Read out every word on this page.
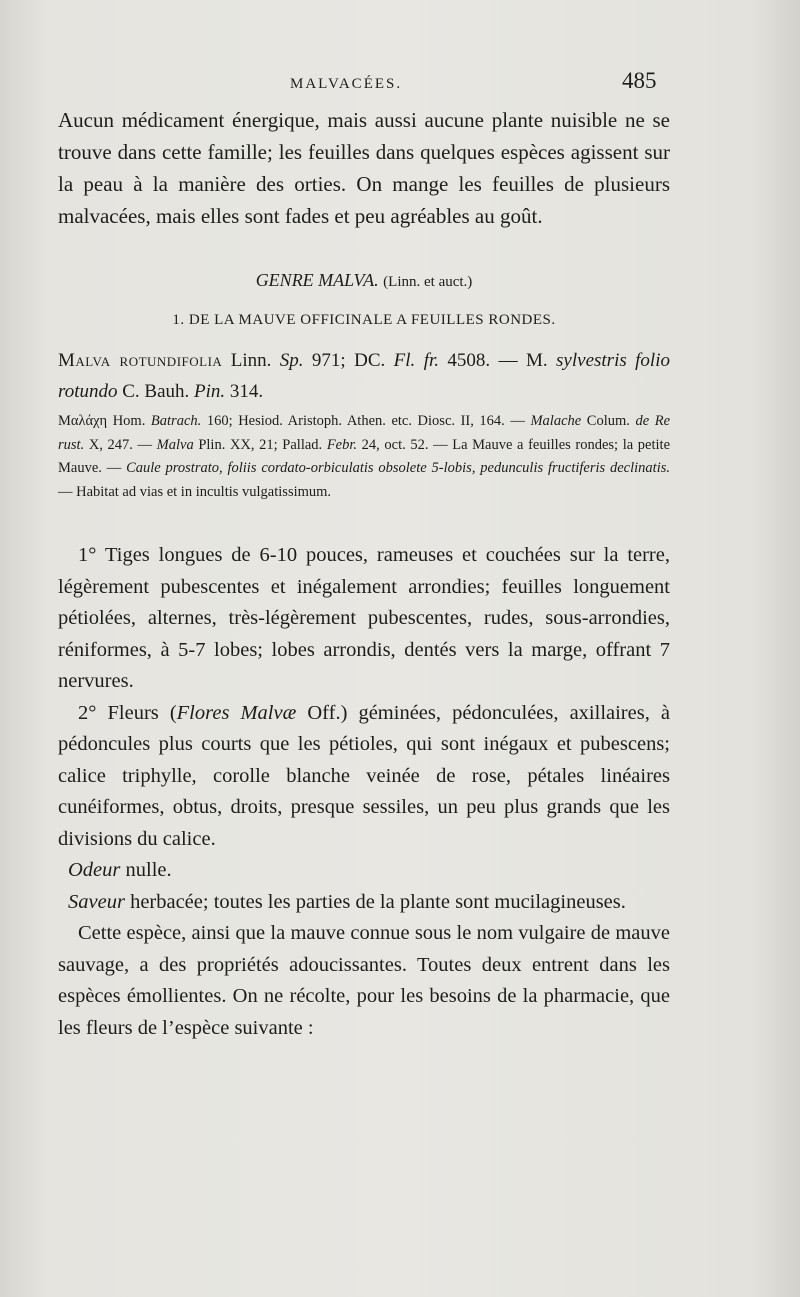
MALVACÉES.	485
Aucun médicament énergique, mais aussi aucune plante nuisible ne se trouve dans cette famille; les feuilles dans quelques espèces agissent sur la peau à la manière des orties. On mange les feuilles de plusieurs malvacées, mais elles sont fades et peu agréables au goût.
GENRE MALVA. (Linn. et auct.)
1. DE LA MAUVE OFFICINALE A FEUILLES RONDES.
Malva rotundifolia Linn. Sp. 971; DC. Fl. fr. 4508. — M. sylvestris folio rotundo C. Bauh. Pin. 314.
Μαλάχη Hom. Batrach. 160; Hesiod. Aristoph. Athen. etc. Diosc. II, 164. — Malache Colum. de Re rust. X, 247. — Malva Plin. XX, 21; Pallad. Febr. 24, oct. 52. — La Mauve a feuilles rondes; la petite Mauve. — Caule prostrato, foliis cordato-orbiculatis obsolete 5-lobis, pedunculis fructiferis declinatis. — Habitat ad vias et in incultis vulgatissimum.

1° Tiges longues de 6-10 pouces, rameuses et couchées sur la terre, légèrement pubescentes et inégalement arrondies; feuilles longuement pétiolées, alternes, très-légèrement pubescentes, rudes, sous-arrondies, réniformes, à 5-7 lobes; lobes arrondis, dentés vers la marge, offrant 7 nervures.

2° Fleurs (Flores Malvæ Off.) géminées, pédonculées, axillaires, à pédoncules plus courts que les pétioles, qui sont inégaux et pubescens; calice triphylle, corolle blanche veinée de rose, pétales linéaires cunéiformes, obtus, droits, presque sessiles, un peu plus grands que les divisions du calice.

Odeur nulle.

Saveur herbacée; toutes les parties de la plante sont mucilagineuses.

Cette espèce, ainsi que la mauve connue sous le nom vulgaire de mauve sauvage, a des propriétés adoucissantes. Toutes deux entrent dans les espèces émollientes. On ne récolte, pour les besoins de la pharmacie, que les fleurs de l’espèce suivante :
